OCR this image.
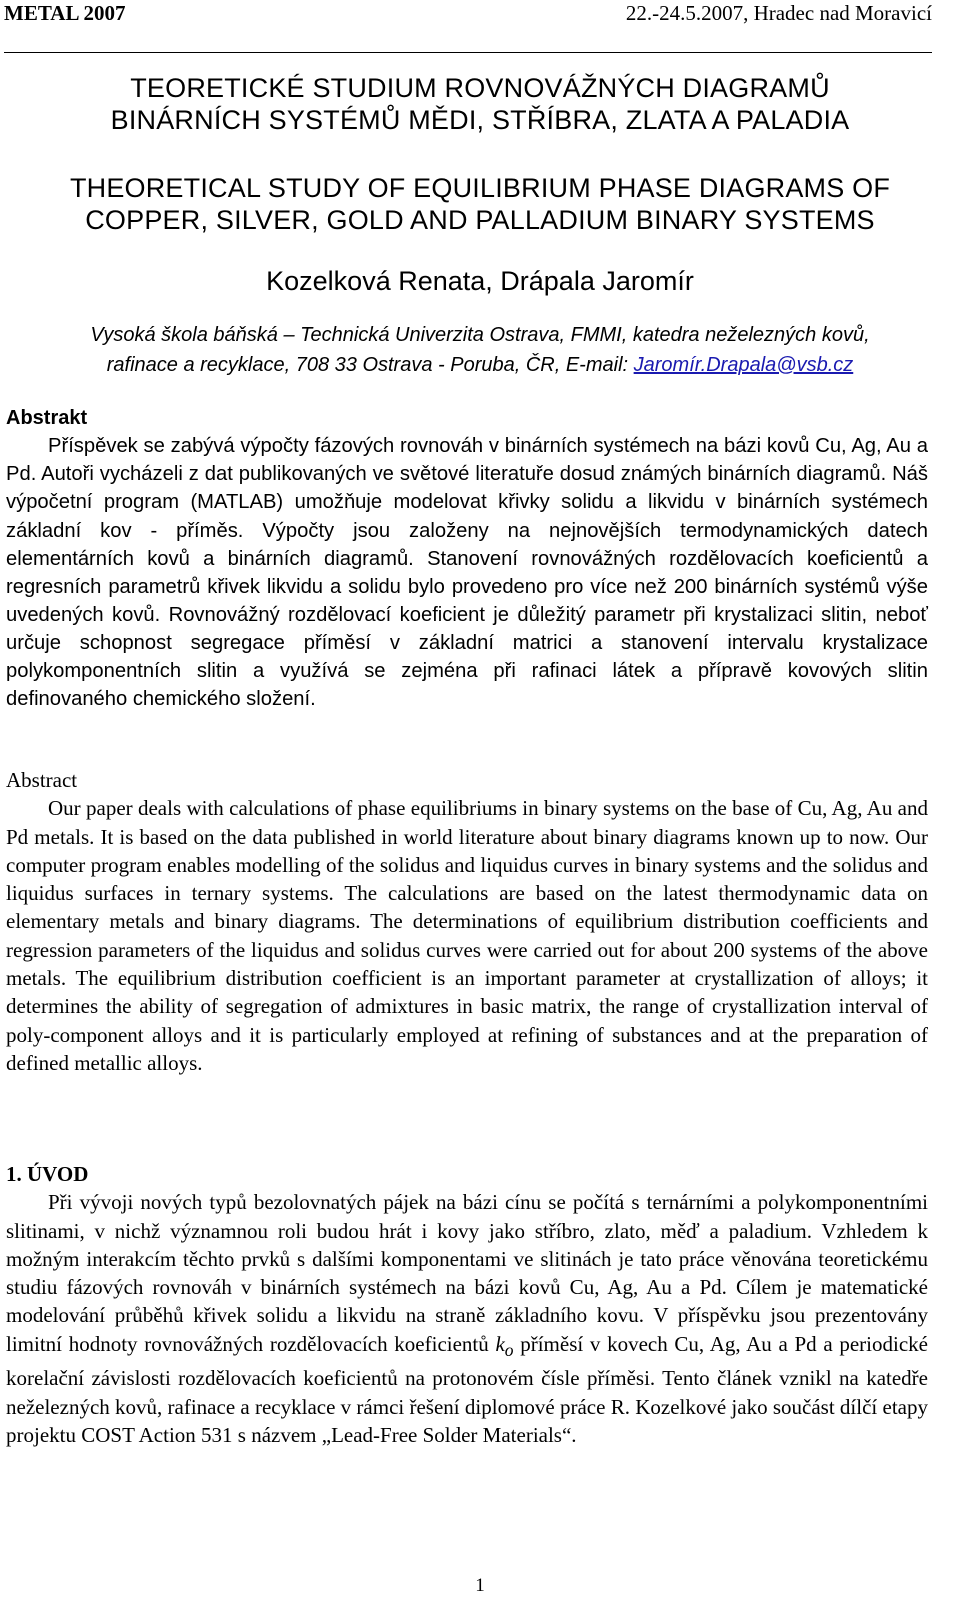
METAL 2007	22.-24.5.2007, Hradec nad Moravicí
TEORETICKÉ STUDIUM ROVNOVÁŽNÝCH DIAGRAMŮ
BINÁRNÍCH SYSTÉMŮ MĚDI, STŘÍBRA, ZLATA A PALADIA
THEORETICAL STUDY OF EQUILIBRIUM PHASE DIAGRAMS OF
COPPER, SILVER, GOLD AND PALLADIUM BINARY SYSTEMS
Kozelková Renata, Drápala Jaromír
Vysoká škola báňská – Technická Univerzita Ostrava, FMMI, katedra neželezných kovů,
rafinace a recyklace, 708 33 Ostrava - Poruba, ČR, E-mail: Jaromír.Drapala@vsb.cz
Abstrakt

Příspěvek se zabývá výpočty fázových rovnováh v binárních systémech na bázi kovů Cu, Ag, Au a Pd. Autoři vycházeli z dat publikovaných ve světové literatuře dosud známých binárních diagramů. Náš výpočetní program (MATLAB) umožňuje modelovat křivky solidu a likvidu v binárních systémech základní kov - příměs. Výpočty jsou založeny na nejnovějších termodynamických datech elementárních kovů a binárních diagramů. Stanovení rovnovážných rozdělovacích koeficientů a regresních parametrů křivek likvidu a solidu bylo provedeno pro více než 200 binárních systémů výše uvedených kovů. Rovnovážný rozdělovací koeficient je důležitý parametr při krystalizaci slitin, neboť určuje schopnost segregace příměsí v základní matrici a stanovení intervalu krystalizace polykomponentních slitin a využívá se zejména při rafinaci látek a přípravě kovových slitin definovaného chemického složení.

Abstract

Our paper deals with calculations of phase equilibriums in binary systems on the base of Cu, Ag, Au and Pd metals. It is based on the data published in world literature about binary diagrams known up to now. Our computer program enables modelling of the solidus and liquidus curves in binary systems and the solidus and liquidus surfaces in ternary systems. The calculations are based on the latest thermodynamic data on elementary metals and binary diagrams. The determinations of equilibrium distribution coefficients and regression parameters of the liquidus and solidus curves were carried out for about 200 systems of the above metals. The equilibrium distribution coefficient is an important parameter at crystallization of alloys; it determines the ability of segregation of admixtures in basic matrix, the range of crystallization interval of poly-component alloys and it is particularly employed at refining of substances and at the preparation of defined metallic alloys.

1. ÚVOD

Při vývoji nových typů bezolovnatých pájek na bázi cínu se počítá s ternárními a polykomponentními slitinami, v nichž významnou roli budou hrát i kovy jako stříbro, zlato, měď a paladium. Vzhledem k možným interakcím těchto prvků s dalšími komponentami ve slitinách je tato práce věnována teoretickému studiu fázových rovnováh v binárních systémech na bázi kovů Cu, Ag, Au a Pd. Cílem je matematické modelování průběhů křivek solidu a likvidu na straně základního kovu. V příspěvku jsou prezentovány limitní hodnoty rovnovážných rozdělovacích koeficientů $k_o$ příměsí v kovech Cu, Ag, Au a Pd a periodické korelační závislosti rozdělovacích koeficientů na protonovém čísle příměsi. Tento článek vznikl na katedře neželezných kovů, rafinace a recyklace v rámci řešení diplomové práce R. Kozelkové jako součást dílčí etapy projektu COST Action 531 s názvem „Lead-Free Solder Materials“.

1
